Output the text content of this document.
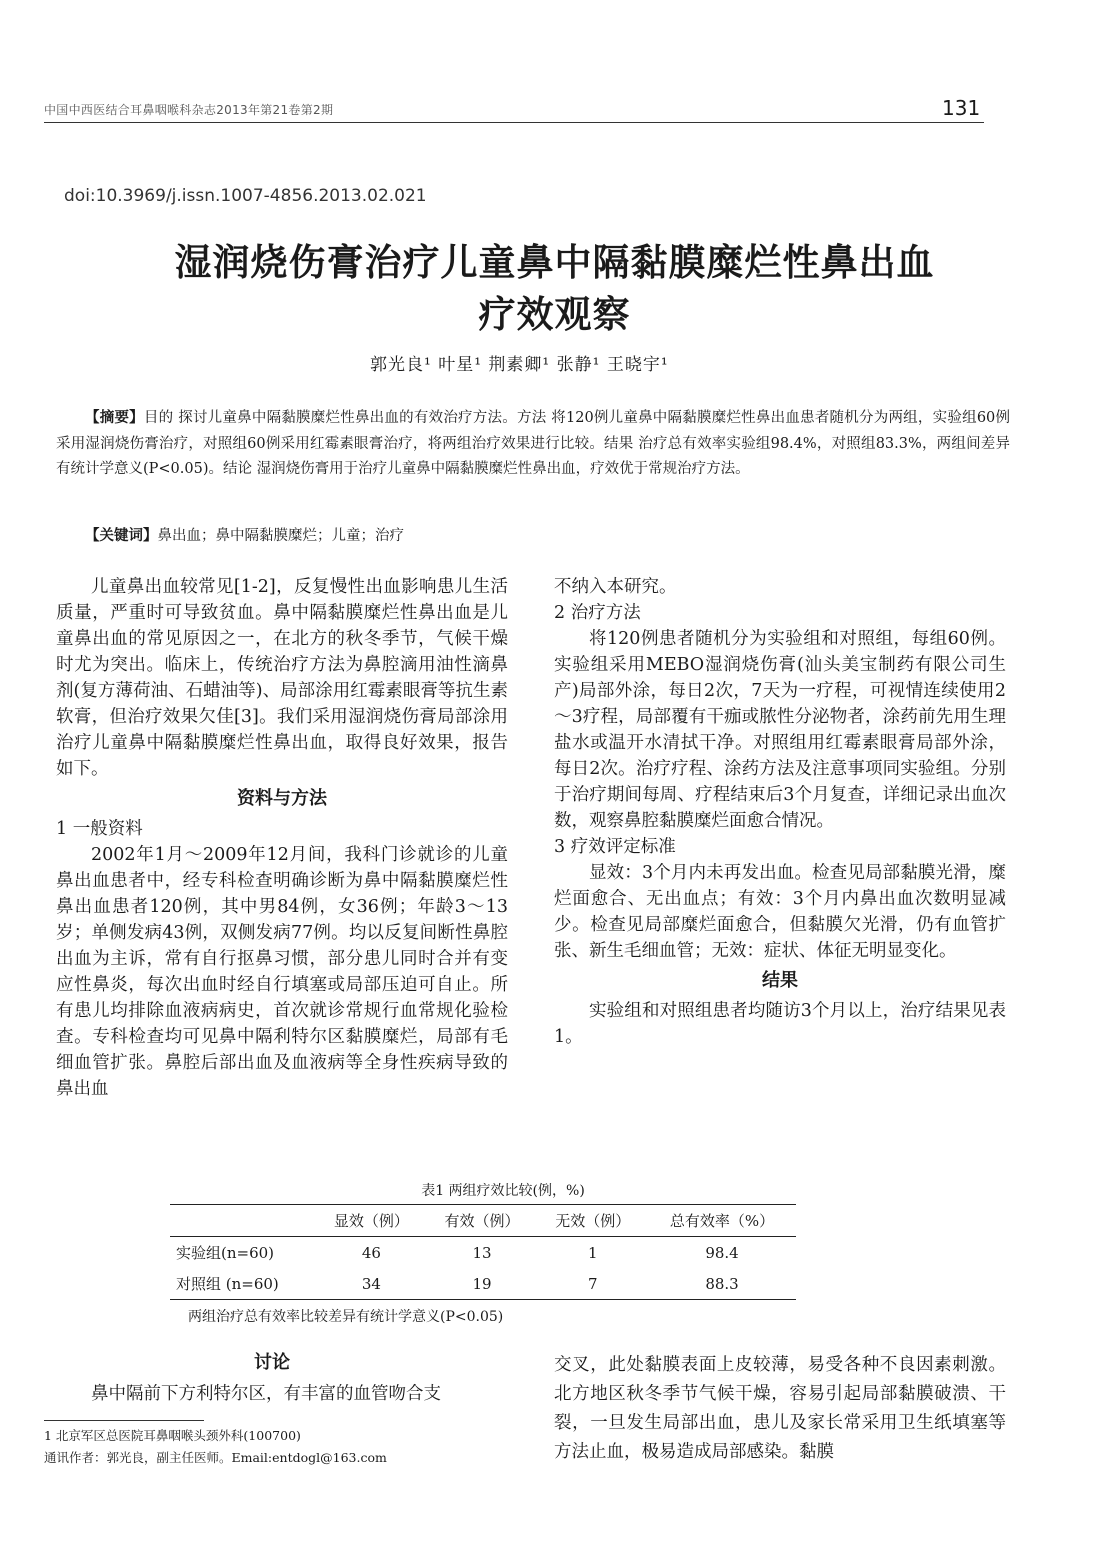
中国中西医结合耳鼻咽喉科杂志2013年第21卷第2期	131
doi:10.3969/j.issn.1007-4856.2013.02.021
湿润烧伤膏治疗儿童鼻中隔黏膜糜烂性鼻出血
疗效观察
郭光良¹ 叶星¹ 荆素卿¹ 张静¹ 王晓宇¹
【摘要】目的 探讨儿童鼻中隔黏膜糜烂性鼻出血的有效治疗方法。方法 将120例儿童鼻中隔黏膜糜烂性鼻出血患者随机分为两组，实验组60例采用湿润烧伤膏治疗，对照组60例采用红霉素眼膏治疗，将两组治疗效果进行比较。结果 治疗总有效率实验组98.4%，对照组83.3%，两组间差异有统计学意义(P<0.05)。结论 湿润烧伤膏用于治疗儿童鼻中隔黏膜糜烂性鼻出血，疗效优于常规治疗方法。
【关键词】鼻出血；鼻中隔黏膜糜烂；儿童；治疗

儿童鼻出血较常见[1-2]，反复慢性出血影响患儿生活质量，严重时可导致贫血。鼻中隔黏膜糜烂性鼻出血是儿童鼻出血的常见原因之一，在北方的秋冬季节，气候干燥时尤为突出。临床上，传统治疗方法为鼻腔滴用油性滴鼻剂(复方薄荷油、石蜡油等)、局部涂用红霉素眼膏等抗生素软膏，但治疗效果欠佳[3]。我们采用湿润烧伤膏局部涂用治疗儿童鼻中隔黏膜糜烂性鼻出血，取得良好效果，报告如下。

资料与方法

1 一般资料

2002年1月～2009年12月间，我科门诊就诊的儿童鼻出血患者中，经专科检查明确诊断为鼻中隔黏膜糜烂性鼻出血患者120例，其中男84例，女36例；年龄3～13岁；单侧发病43例，双侧发病77例。均以反复间断性鼻腔出血为主诉，常有自行抠鼻习惯，部分患儿同时合并有变应性鼻炎，每次出血时经自行填塞或局部压迫可自止。所有患儿均排除血液病病史，首次就诊常规行血常规化验检查。专科检查均可见鼻中隔利特尔区黏膜糜烂，局部有毛细血管扩张。鼻腔后部出血及血液病等全身性疾病导致的鼻出血

不纳入本研究。

2 治疗方法

将120例患者随机分为实验组和对照组，每组60例。实验组采用MEBO湿润烧伤膏(汕头美宝制药有限公司生产)局部外涂，每日2次，7天为一疗程，可视情连续使用2～3疗程，局部覆有干痂或脓性分泌物者，涂药前先用生理盐水或温开水清拭干净。对照组用红霉素眼膏局部外涂，每日2次。治疗疗程、涂药方法及注意事项同实验组。分别于治疗期间每周、疗程结束后3个月复查，详细记录出血次数，观察鼻腔黏膜糜烂面愈合情况。

3 疗效评定标准

显效：3个月内未再发出血。检查见局部黏膜光滑，糜烂面愈合、无出血点；有效：3个月内鼻出血次数明显减少。检查见局部糜烂面愈合，但黏膜欠光滑，仍有血管扩张、新生毛细血管；无效：症状、体征无明显变化。

结果

实验组和对照组患者均随访3个月以上，治疗结果见表1。

表1 两组疗效比较(例，%)
	显效（例）	有效（例）	无效（例）	总有效率（%）
实验组(n=60)	46	13	1	98.4
对照组 (n=60)	34	19	7	88.3
两组治疗总有效率比较差异有统计学意义(P<0.05)
讨论
鼻中隔前下方利特尔区，有丰富的血管吻合支
交叉，此处黏膜表面上皮较薄，易受各种不良因素刺激。北方地区秋冬季节气候干燥，容易引起局部黏膜破溃、干裂，一旦发生局部出血，患儿及家长常采用卫生纸填塞等方法止血，极易造成局部感染。黏膜
1 北京军区总医院耳鼻咽喉头颈外科(100700)
通讯作者：郭光良，副主任医师。Email:entdogl@163.com
